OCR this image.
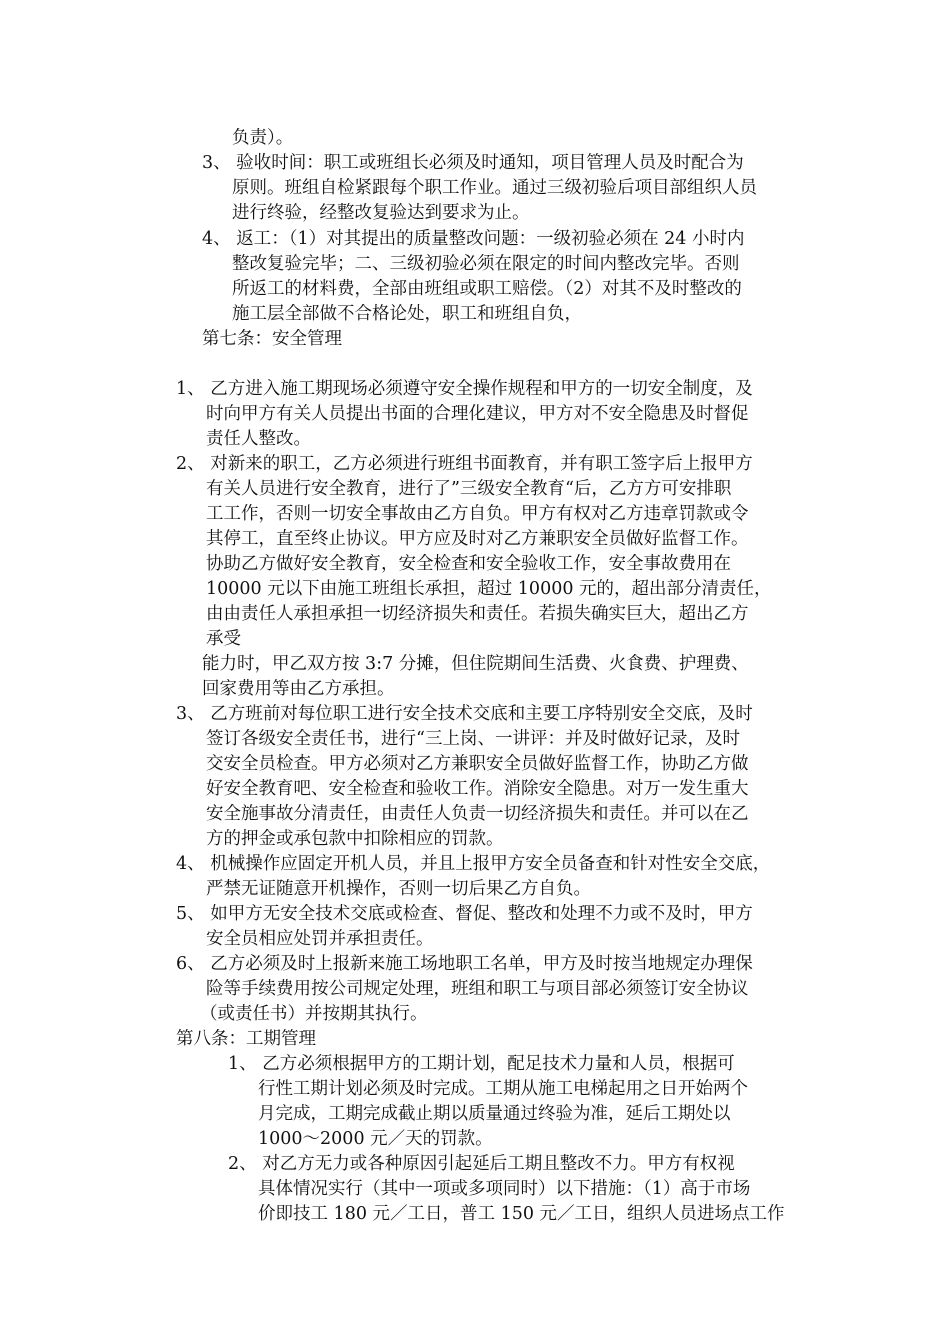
负责）。
3、 验收时间：职工或班组长必须及时通知，项目管理人员及时配合为
原则。班组自检紧跟每个职工作业。通过三级初验后项目部组织人员
进行终验，经整改复验达到要求为止。
4、 返工：（1）对其提出的质量整改问题：一级初验必须在 24 小时内
整改复验完毕；二、三级初验必须在限定的时间内整改完毕。否则
所返工的材料费，全部由班组或职工赔偿。（2）对其不及时整改的
施工层全部做不合格论处，职工和班组自负，
第七条：安全管理
1、 乙方进入施工期现场必须遵守安全操作规程和甲方的一切安全制度，及
时向甲方有关人员提出书面的合理化建议，甲方对不安全隐患及时督促
责任人整改。
2、 对新来的职工，乙方必须进行班组书面教育，并有职工签字后上报甲方
有关人员进行安全教育，进行了”三级安全教育“后，乙方方可安排职
工工作，否则一切安全事故由乙方自负。甲方有权对乙方违章罚款或令
其停工，直至终止协议。甲方应及时对乙方兼职安全员做好监督工作。
协助乙方做好安全教育，安全检查和安全验收工作，安全事故费用在
10000 元以下由施工班组长承担，超过 10000 元的，超出部分清责任，
由由责任人承担承担一切经济损失和责任。若损失确实巨大，超出乙方
承受
能力时，甲乙双方按 3:7 分摊，但住院期间生活费、火食费、护理费、
回家费用等由乙方承担。
3、 乙方班前对每位职工进行安全技术交底和主要工序特别安全交底，及时
签订各级安全责任书，进行“三上岗、一讲评：并及时做好记录，及时
交安全员检查。甲方必须对乙方兼职安全员做好监督工作，协助乙方做
好安全教育吧、安全检查和验收工作。消除安全隐患。对万一发生重大
安全施事故分清责任，由责任人负责一切经济损失和责任。并可以在乙
方的押金或承包款中扣除相应的罚款。
4、 机械操作应固定开机人员，并且上报甲方安全员备查和针对性安全交底，
严禁无证随意开机操作，否则一切后果乙方自负。
5、 如甲方无安全技术交底或检查、督促、整改和处理不力或不及时，甲方
安全员相应处罚并承担责任。
6、 乙方必须及时上报新来施工场地职工名单，甲方及时按当地规定办理保
险等手续费用按公司规定处理，班组和职工与项目部必须签订安全协议
（或责任书）并按期其执行。
第八条：工期管理
1、 乙方必须根据甲方的工期计划，配足技术力量和人员，根据可
行性工期计划必须及时完成。工期从施工电梯起用之日开始两个
月完成，工期完成截止期以质量通过终验为准，延后工期处以
1000～2000 元／天的罚款。
2、 对乙方无力或各种原因引起延后工期且整改不力。甲方有权视
具体情况实行（其中一项或多项同时）以下措施：（1）高于市场
价即技工 180 元／工日，普工 150 元／工日，组织人员进场点工作
